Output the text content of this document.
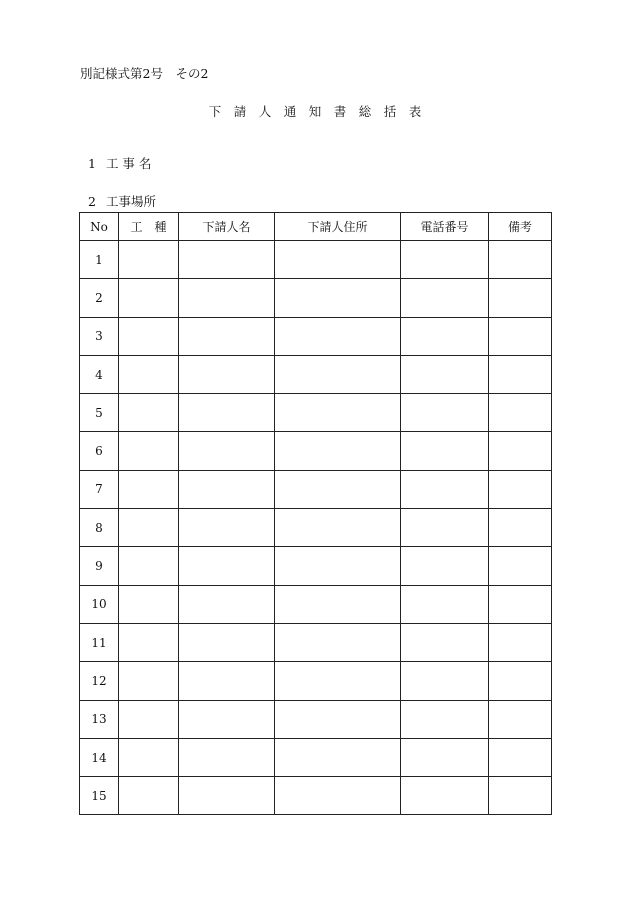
別記様式第2号　その2
下　請　人　通　知　書　総　括　表

1 工 事 名

2 工事場所

No	工　種	下請人名	下請人住所	電話番号	備考
1					
2					
3					
4					
5					
6					
7					
8					
9					
10					
11					
12					
13					
14					
15					
